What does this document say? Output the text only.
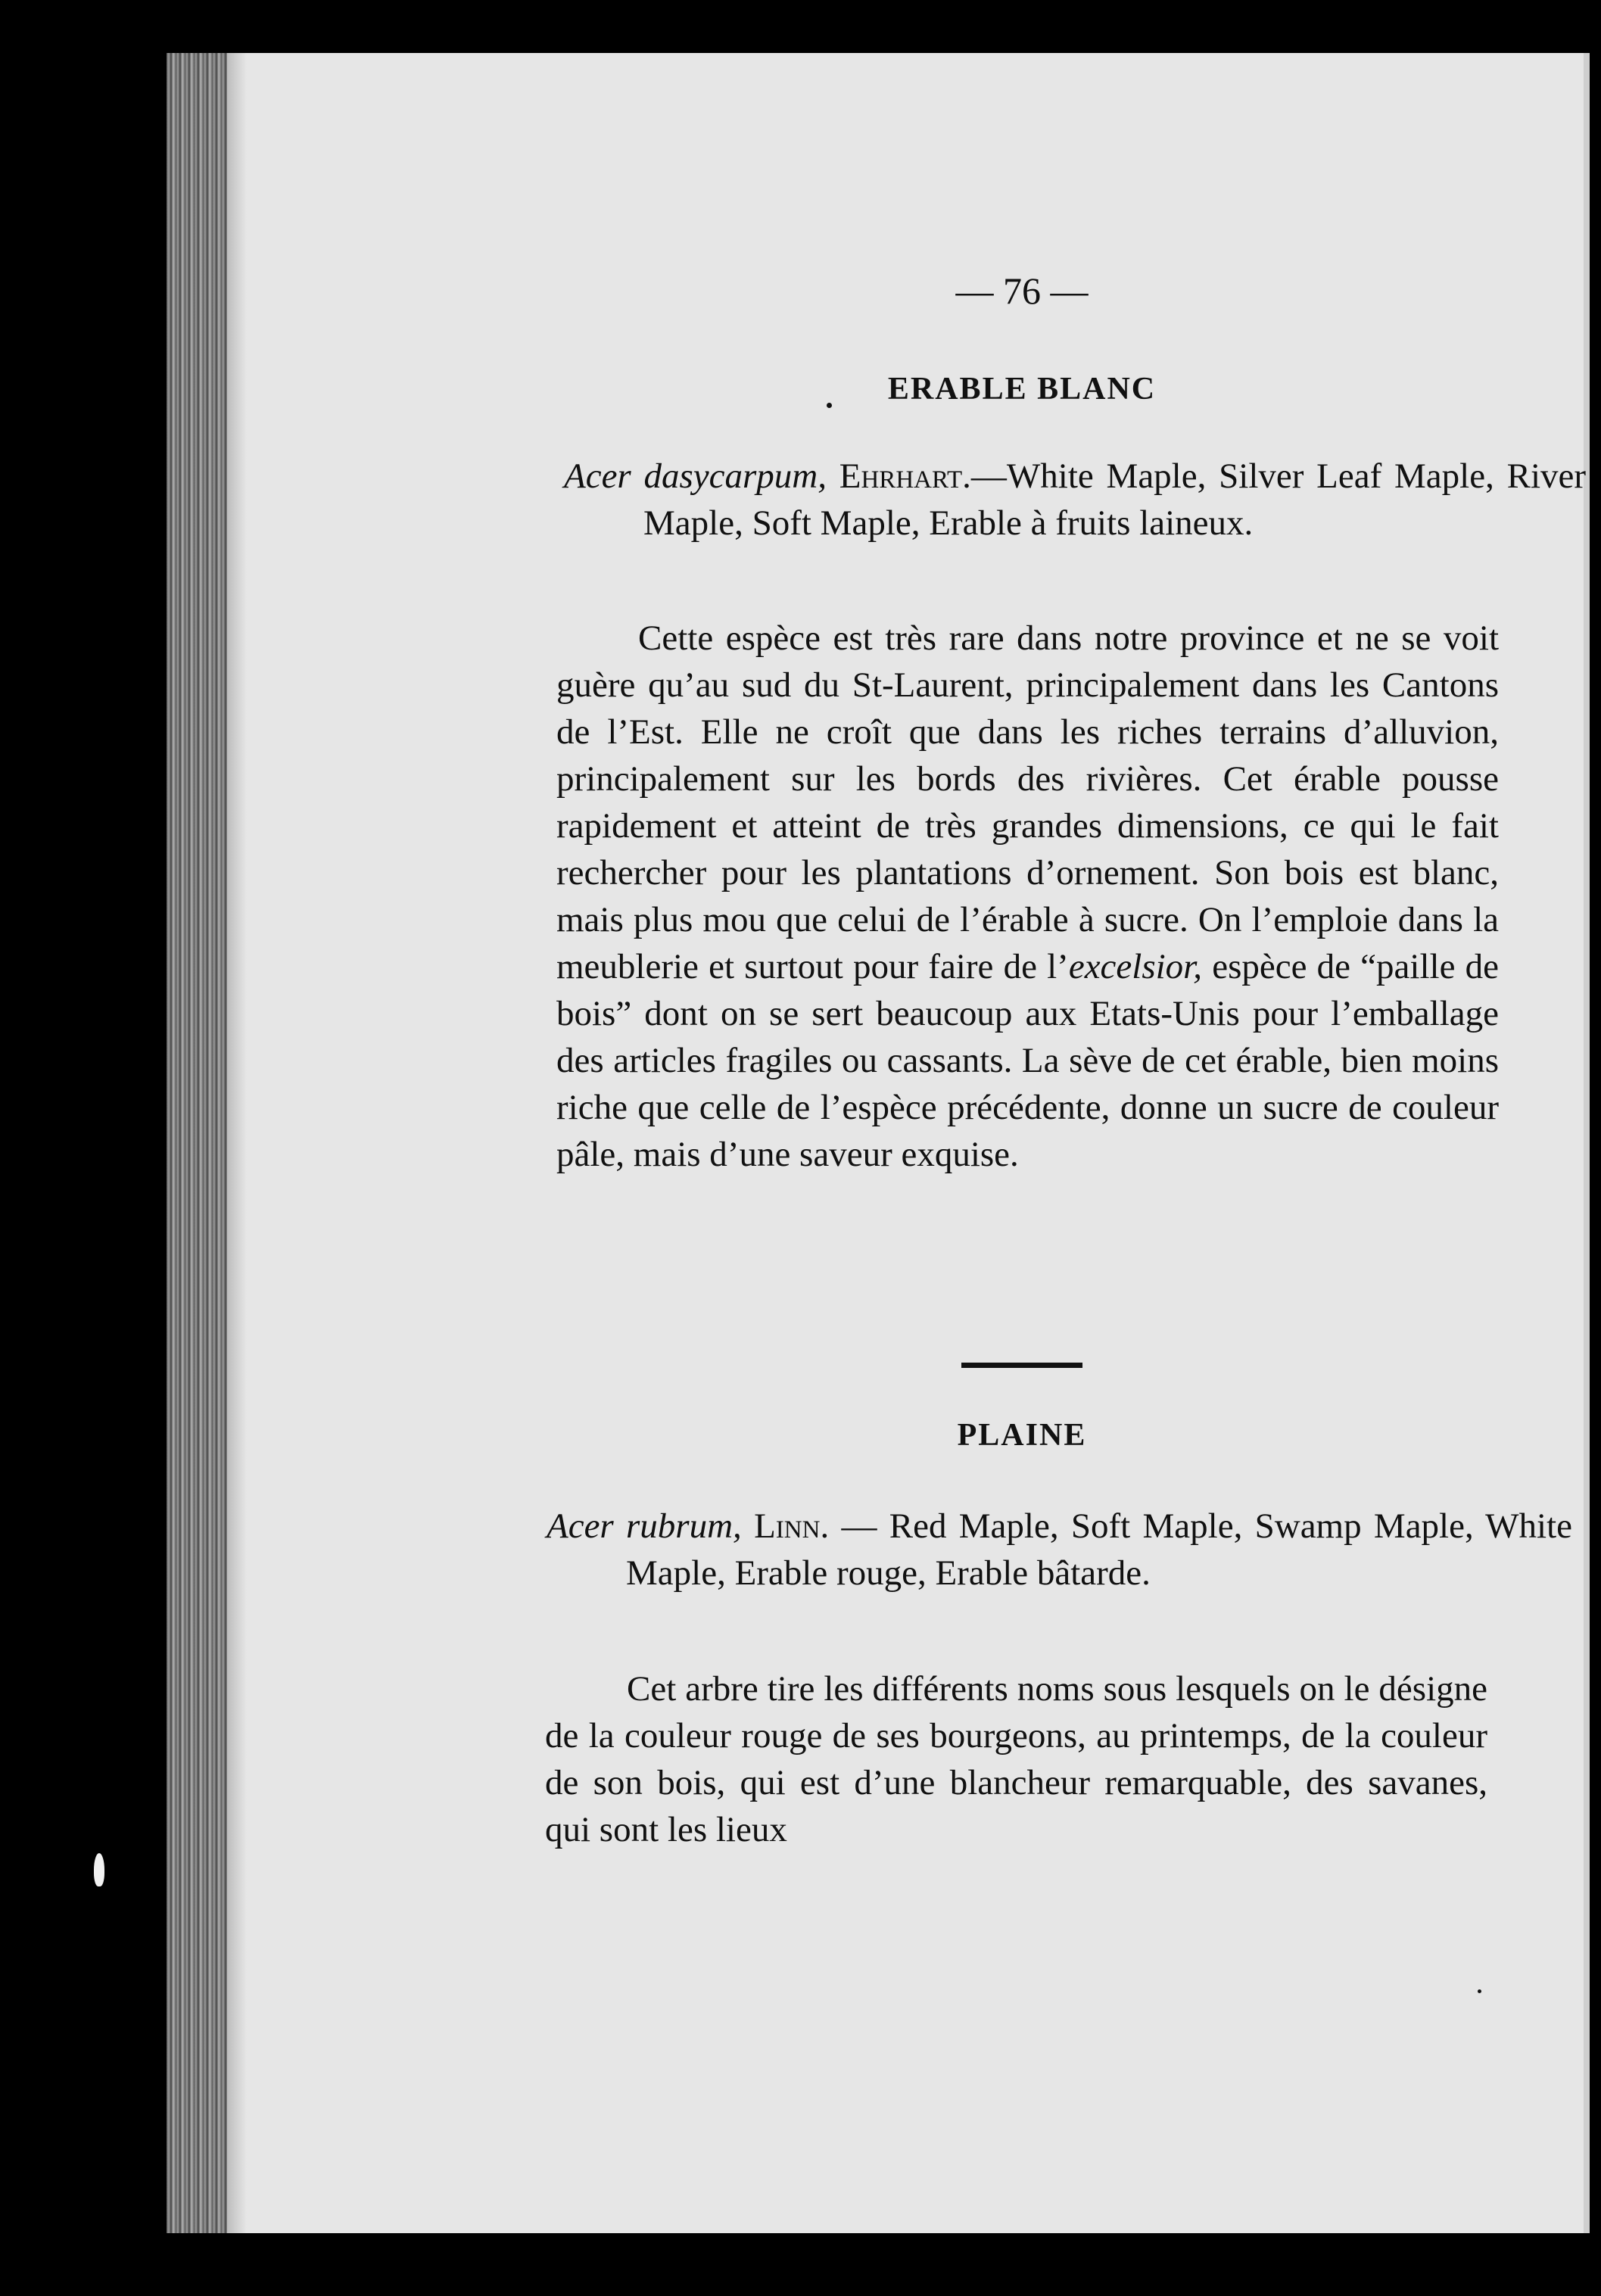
— 76 —
ERABLE BLANC
Acer dasycarpum, Ehrhart.—White Maple, Silver Leaf Maple, River Maple, Soft Maple, Erable à fruits laineux.
Cette espèce est très rare dans notre province et ne se voit guère qu’au sud du St-Laurent, principalement dans les Cantons de l’Est. Elle ne croît que dans les riches terrains d’alluvion, principalement sur les bords des rivières. Cet érable pousse rapidement et atteint de très grandes dimensions, ce qui le fait rechercher pour les plantations d’ornement. Son bois est blanc, mais plus mou que celui de l’érable à sucre. On l’emploie dans la meublerie et surtout pour faire de l’excelsior, espèce de “paille de bois” dont on se sert beaucoup aux Etats-Unis pour l’emballage des articles fragiles ou cassants. La sève de cet érable, bien moins riche que celle de l’espèce précédente, donne un sucre de couleur pâle, mais d’une saveur exquise.
PLAINE
Acer rubrum, Linn. — Red Maple, Soft Maple, Swamp Maple, White Maple, Erable rouge, Erable bâtarde.
Cet arbre tire les différents noms sous lesquels on le désigne de la couleur rouge de ses bourgeons, au printemps, de la couleur de son bois, qui est d’une blancheur remarquable, des savanes, qui sont les lieux
